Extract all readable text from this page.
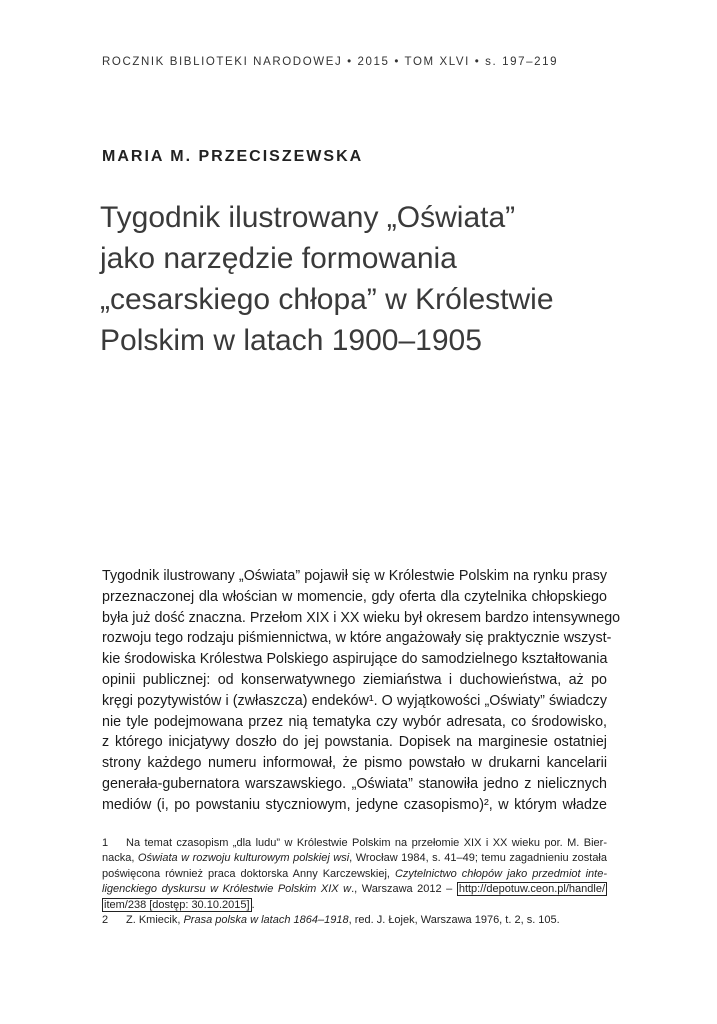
ROCZNIK BIBLIOTEKI NARODOWEJ • 2015 • TOM XLVI • s. 197–219
MARIA M. PRZECISZEWSKA
Tygodnik ilustrowany „Oświata”
jako narzędzie formowania
„cesarskiego chłopa” w Królestwie
Polskim w latach 1900–1905
Tygodnik ilustrowany „Oświata” pojawił się w Królestwie Polskim na rynku prasy
przeznaczonej dla włościan w momencie, gdy oferta dla czytelnika chłopskiego
była już dość znaczna. Przełom XIX i XX wieku był okresem bardzo intensywnego
rozwoju tego rodzaju piśmiennictwa, w które angażowały się praktycznie wszyst-
kie środowiska Królestwa Polskiego aspirujące do samodzielnego kształtowania
opinii publicznej: od konserwatywnego ziemiaństwa i duchowieństwa, aż po
kręgi pozytywistów i (zwłaszcza) endeków¹. O wyjątkowości „Oświaty” świadczy
nie tyle podejmowana przez nią tematyka czy wybór adresata, co środowisko,
z którego inicjatywy doszło do jej powstania. Dopisek na marginesie ostatniej
strony każdego numeru informował, że pismo powstało w drukarni kancelarii
generała-gubernatora warszawskiego. „Oświata” stanowiła jedno z nielicznych
mediów (i, po powstaniu styczniowym, jedyne czasopismo)², w którym władze
1 Na temat czasopism „dla ludu” w Królestwie Polskim na przełomie XIX i XX wieku por. M. Bier-
nacka, Oświata w rozwoju kulturowym polskiej wsi, Wrocław 1984, s. 41–49; temu zagadnieniu została
poświęcona również praca doktorska Anny Karczewskiej, Czytelnictwo chłopów jako przedmiot inte-
ligenckiego dyskursu w Królestwie Polskim XIX w., Warszawa 2012 – http://depotuw.ceon.pl/handle/
item/238 [dostęp: 30.10.2015] .
2 Z. Kmiecik, Prasa polska w latach 1864–1918, red. J. Łojek, Warszawa 1976, t. 2, s. 105.
